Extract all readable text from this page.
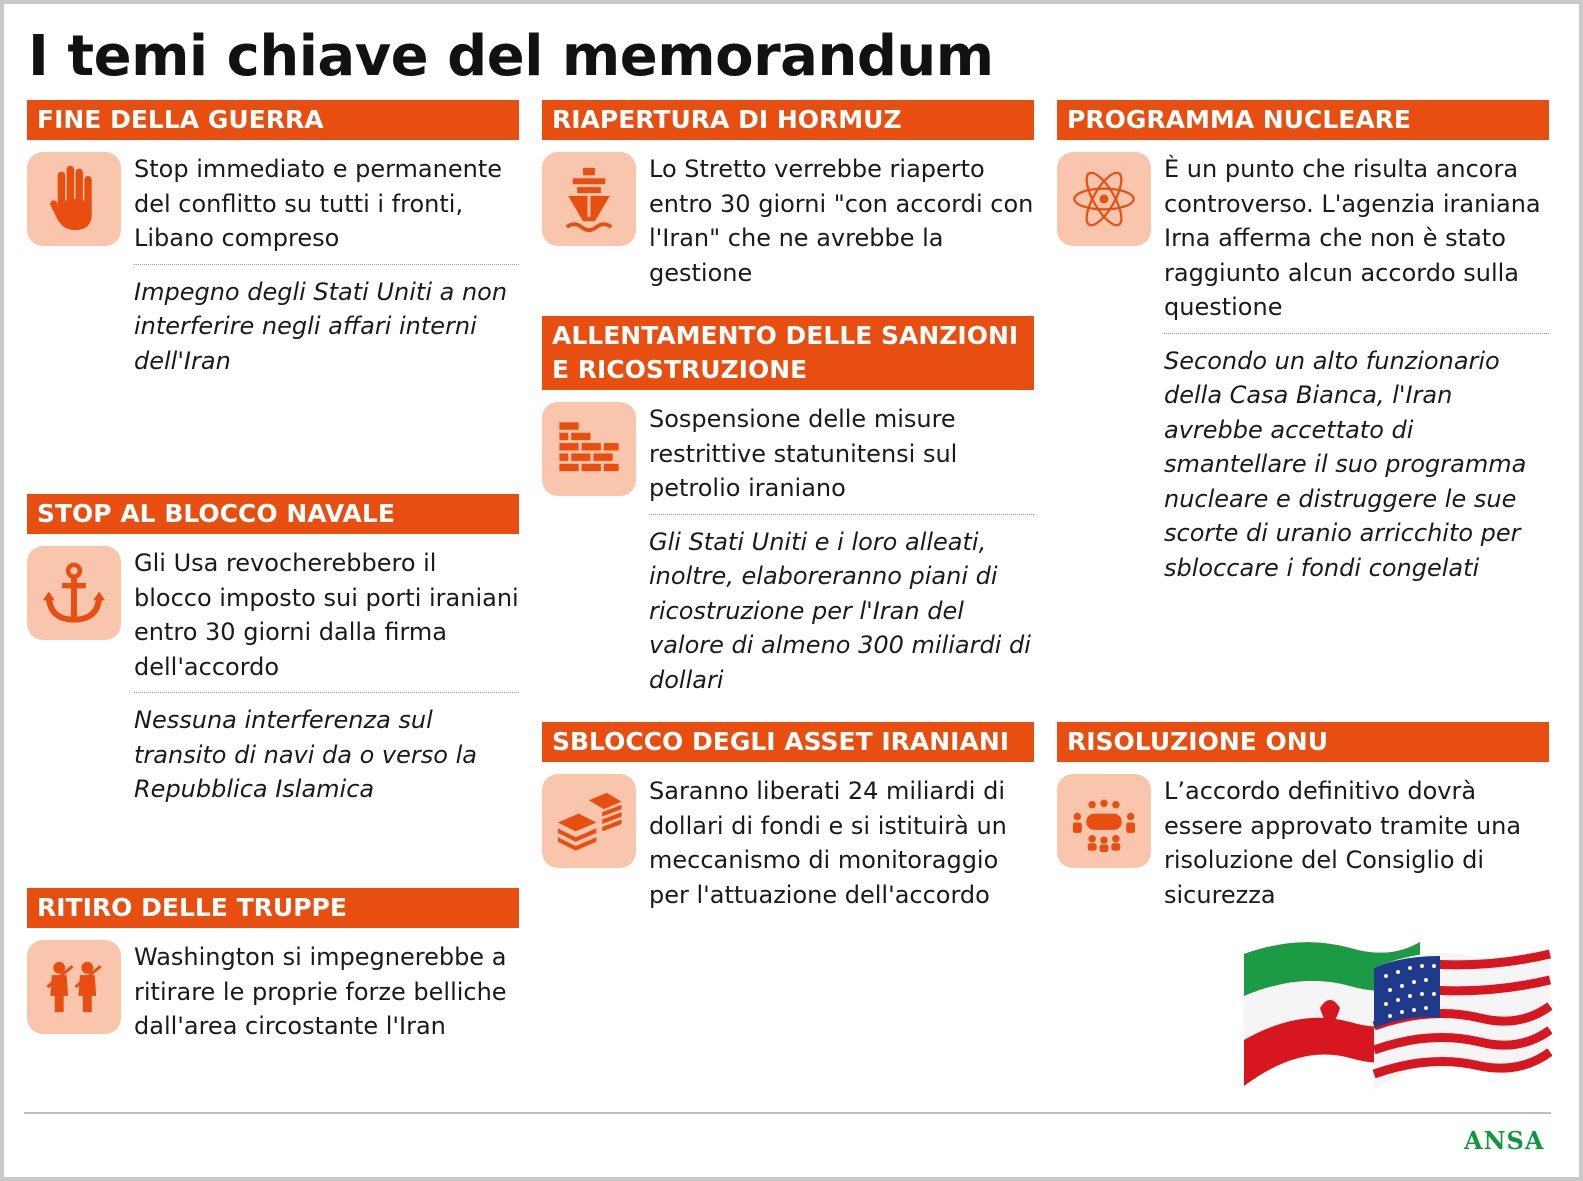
I temi chiave del memorandum
FINE DELLA GUERRA
Stop immediato e permanente del conflitto su tutti i fronti, Libano compreso
Impegno degli Stati Uniti a non interferire negli affari interni dell'Iran
STOP AL BLOCCO NAVALE
Gli Usa revocherebbero il blocco imposto sui porti iraniani entro 30 giorni dalla firma dell'accordo
Nessuna interferenza sul transito di navi da o verso la Repubblica Islamica
RITIRO DELLE TRUPPE
Washington si impegnerebbe a ritirare le proprie forze belliche dall'area circostante l'Iran
RIAPERTURA DI HORMUZ
Lo Stretto verrebbe riaperto entro 30 giorni "con accordi con l'Iran" che ne avrebbe la gestione
ALLENTAMENTO DELLE SANZIONI E RICOSTRUZIONE
Sospensione delle misure restrittive statunitensi sul petrolio iraniano
Gli Stati Uniti e i loro alleati, inoltre, elaboreranno piani di ricostruzione per l'Iran del valore di almeno 300 miliardi di dollari
SBLOCCO DEGLI ASSET IRANIANI
Saranno liberati 24 miliardi di dollari di fondi e si istituirà un meccanismo di monitoraggio per l'attuazione dell'accordo
PROGRAMMA NUCLEARE
È un punto che risulta ancora controverso. L'agenzia iraniana Irna afferma che non è stato raggiunto alcun accordo sulla questione
Secondo un alto funzionario della Casa Bianca, l'Iran avrebbe accettato di smantellare il suo programma nucleare e distruggere le sue scorte di uranio arricchito per sbloccare i fondi congelati
RISOLUZIONE ONU
L’accordo definitivo dovrà essere approvato tramite una risoluzione del Consiglio di sicurezza
ANSA
